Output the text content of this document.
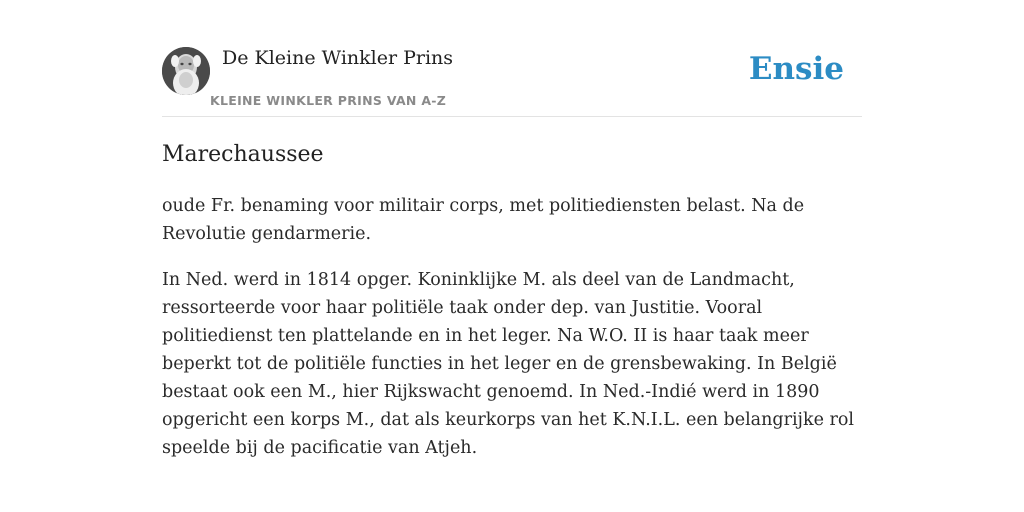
De Kleine Winkler Prins
KLEINE WINKLER PRINS VAN A-Z
Ensie
Marechaussee

oude Fr. benaming voor militair corps, met politiediensten belast. Na de Revolutie gendarmerie.

In Ned. werd in 1814 opger. Koninklijke M. als deel van de Landmacht, ressorteerde voor haar politiële taak onder dep. van Justitie. Vooral politiedienst ten plattelande en in het leger. Na W.O. II is haar taak meer beperkt tot de politiële functies in het leger en de grensbewaking. In België bestaat ook een M., hier Rijkswacht genoemd. In Ned.-Indié werd in 1890 opgericht een korps M., dat als keurkorps van het K.N.I.L. een belangrijke rol speelde bij de pacificatie van Atjeh.
